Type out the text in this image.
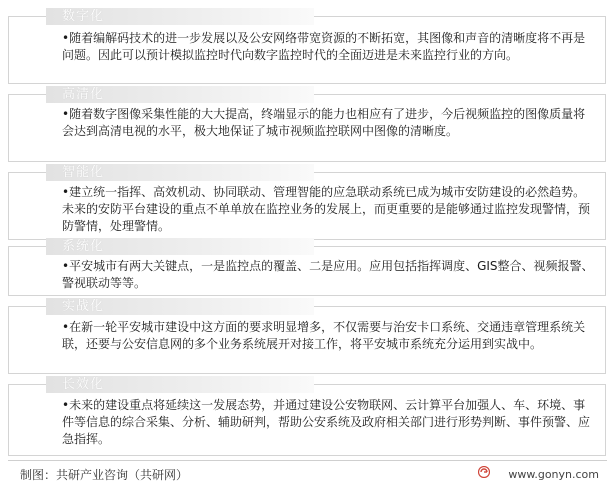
数字化
•随着编解码技术的进一步发展以及公安网络带宽资源的不断拓宽，其图像和声音的清晰度将不再是问题。因此可以预计模拟监控时代向数字监控时代的全面迈进是未来监控行业的方向。
高清化
•随着数字图像采集性能的大大提高，终端显示的能力也相应有了进步，今后视频监控的图像质量将会达到高清电视的水平，极大地保证了城市视频监控联网中图像的清晰度。
智能化
•建立统一指挥、高效机动、协同联动、管理智能的应急联动系统已成为城市安防建设的必然趋势。未来的安防平台建设的重点不单单放在监控业务的发展上，而更重要的是能够通过监控发现警情，预防警情，处理警情。
系统化
•平安城市有两大关键点，一是监控点的覆盖、二是应用。应用包括指挥调度、GIS整合、视频报警、警视联动等等。
实战化
•在新一轮平安城市建设中这方面的要求明显增多，不仅需要与治安卡口系统、交通违章管理系统关联，还要与公安信息网的多个业务系统展开对接工作，将平安城市系统充分运用到实战中。
长效化
•未来的建设重点将延续这一发展态势，并通过建设公安物联网、云计算平台加强人、车、环境、事件等信息的综合采集、分析、辅助研判，帮助公安系统及政府相关部门进行形势判断、事件预警、应急指挥。
制图：共研产业咨询（共研网）	www.gonyn.com
